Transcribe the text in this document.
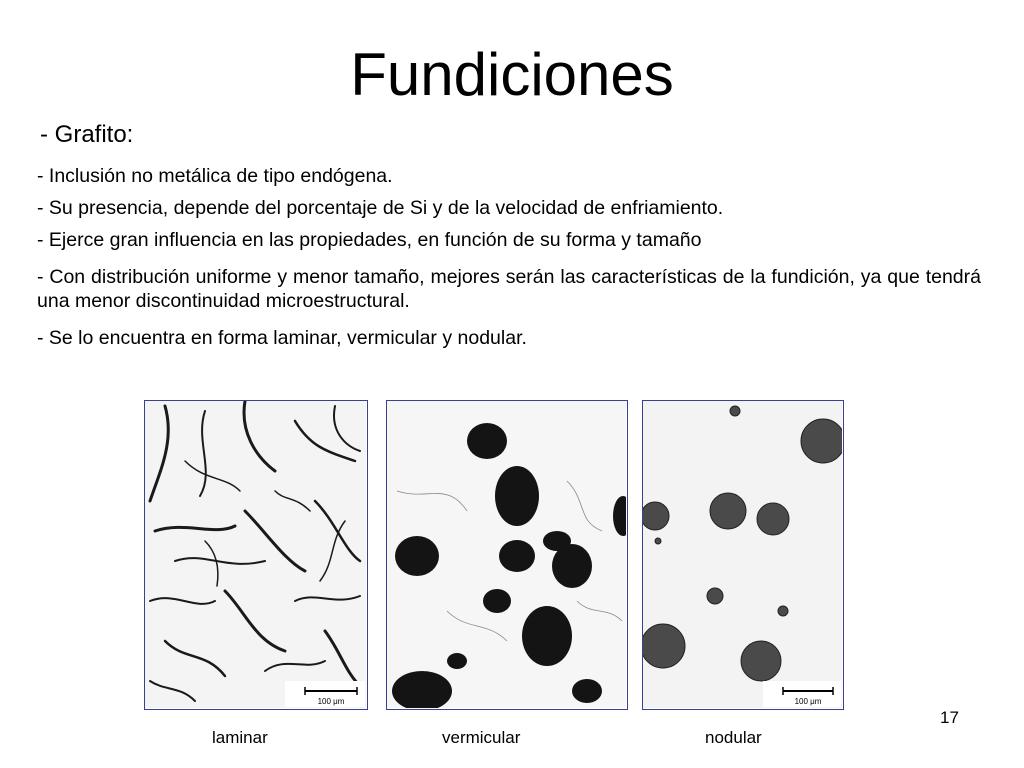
Fundiciones
- Grafito:

- Inclusión no metálica de tipo endógena.

- Su presencia, depende del porcentaje de Si y de la velocidad de enfriamiento.

- Ejerce gran influencia en las propiedades, en función de su forma y tamaño

- Con distribución uniforme y menor tamaño, mejores serán las características de la fundición, ya que tendrá una menor discontinuidad microestructural.

- Se lo encuentra en forma laminar, vermicular y nodular.

100 μm	100 μm
laminar	vermicular	nodular
17
